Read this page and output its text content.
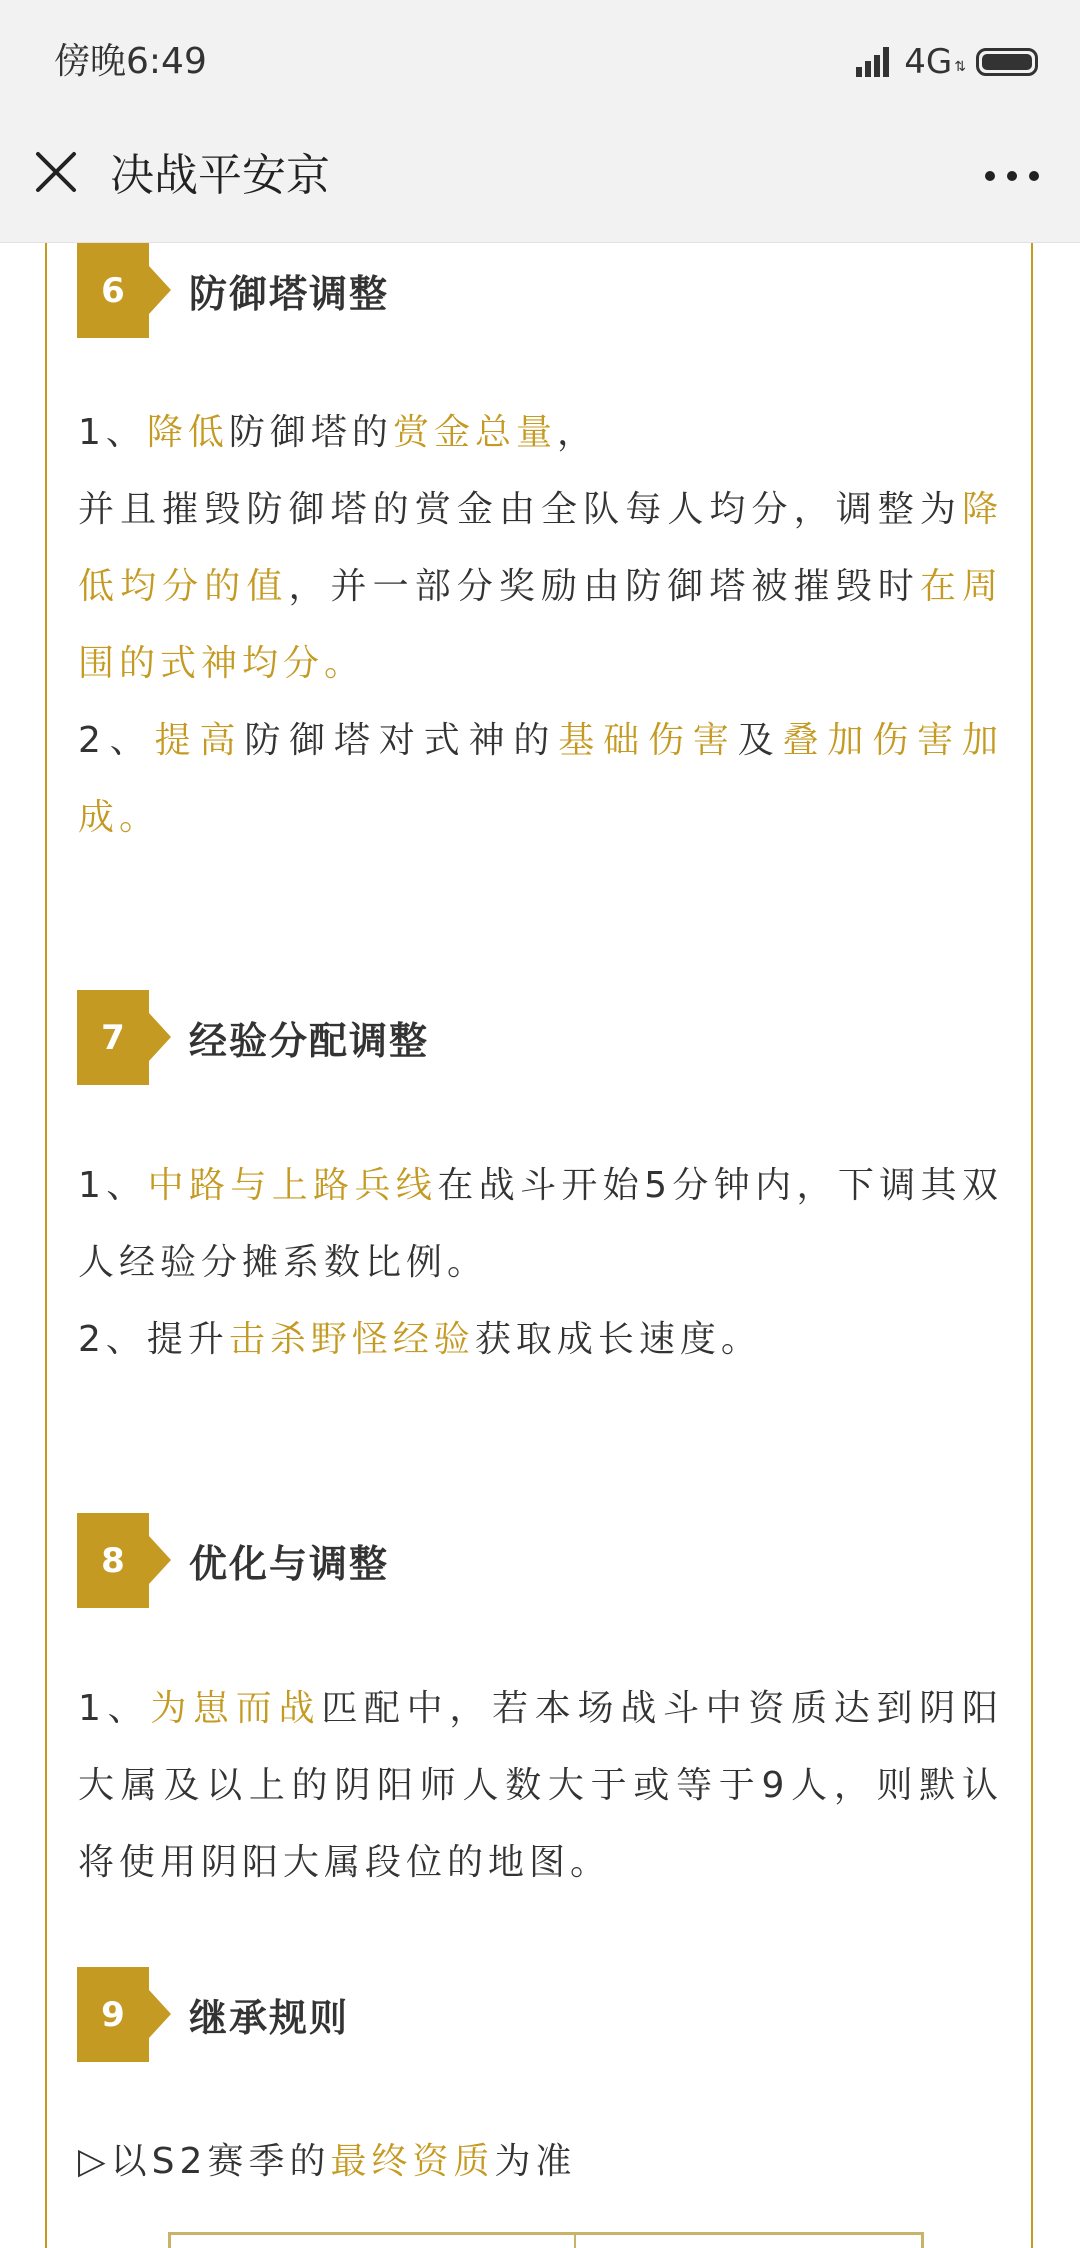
傍晚6:49	4G ⇅
决战平安京
6	防御塔调整
1、降低防御塔的赏金总量，
并且摧毁防御塔的赏金由全队每人均分，调整为降低均分的值，并一部分奖励由防御塔被摧毁时在周围的式神均分。
2、提高防御塔对式神的基础伤害及叠加伤害加成。
7	经验分配调整
1、中路与上路兵线在战斗开始5分钟内，下调其双人经验分摊系数比例。
2、提升击杀野怪经验获取成长速度。
8	优化与调整
1、为崽而战匹配中，若本场战斗中资质达到阴阳大属及以上的阴阳师人数大于或等于9人，则默认将使用阴阳大属段位的地图。
9	继承规则
▷以S2赛季的最终资质为准
